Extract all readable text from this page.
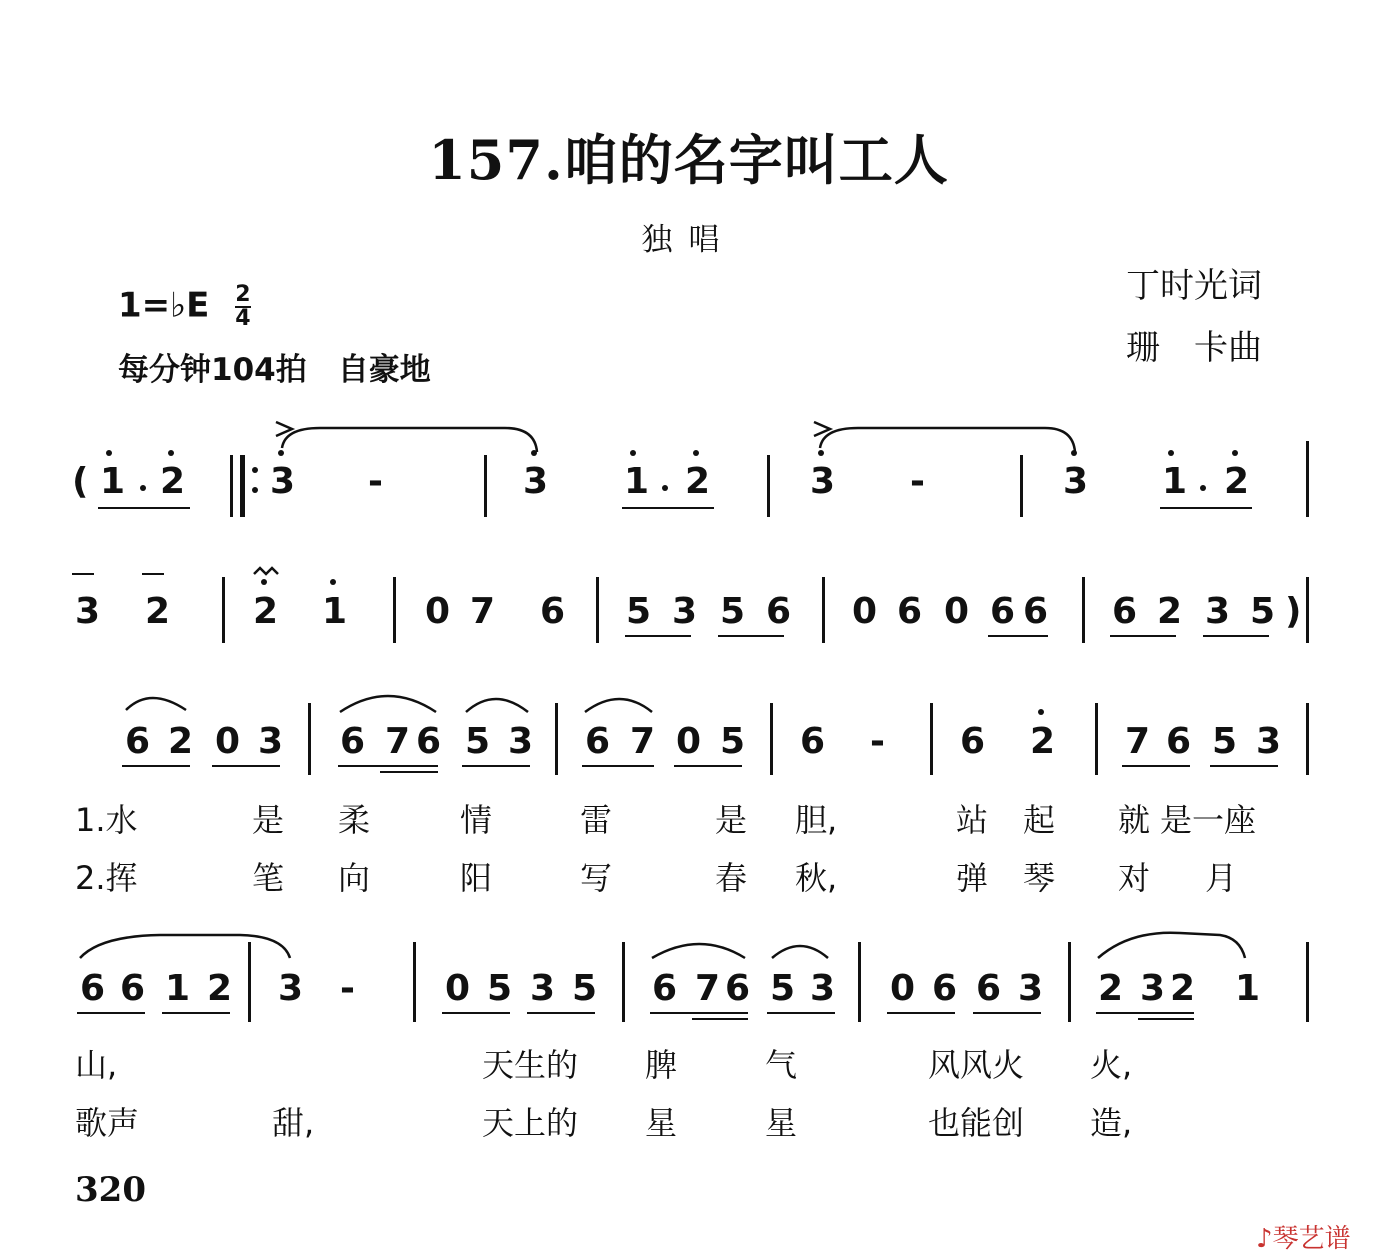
157.咱的名字叫工人
独唱
丁时光词
珊　卡曲
1=♭E $\frac{2}{4}$
每分钟104拍　自豪地
( 1 2 3 -	3 1 2	3 -	3 1 2
3 2 2 1 0 7 6 5 3 5 6 0 6 0 6 6 6 2 3 5 )
6 2 0 3 6 7 6 5 3 6 7 0 5 6 - 6 2 7 6 5 3
1.水	是 柔	情	雷	是 胆,	站 起 就 是一座
2.挥	笔 向	阳	写	春 秋,	弹 琴 对 月
6 6 1 2 3 -	0 5 3 5 6 7 6 5 3 0 6 6 3 2 3 2 1
山,	天生的 脾	气	风风火 火,
歌声	甜,	天上的 星	星	也能创 造,
320
♪琴艺谱
